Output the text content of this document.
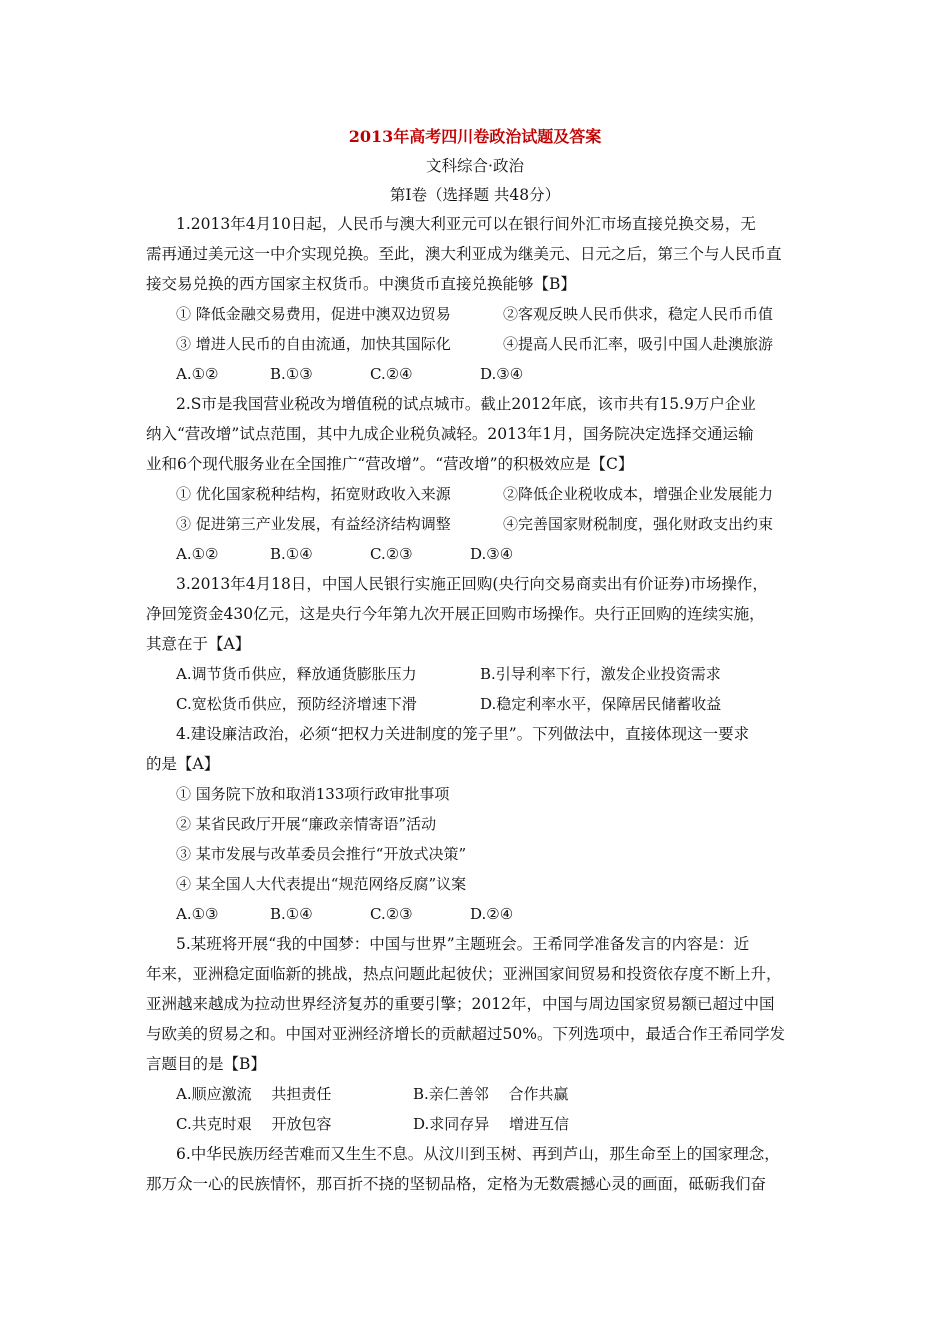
2013年高考四川卷政治试题及答案
文科综合·政治
第Ⅰ卷（选择题 共48分）
1.2013年4月10日起，人民币与澳大利亚元可以在银行间外汇市场直接兑换交易，无
需再通过美元这一中介实现兑换。至此，澳大利亚成为继美元、日元之后，第三个与人民币直
接交易兑换的西方国家主权货币。中澳货币直接兑换能够【B】
① 降低金融交易费用，促进中澳双边贸易	②客观反映人民币供求，稳定人民币币值
③ 增进人民币的自由流通，加快其国际化	④提高人民币汇率，吸引中国人赴澳旅游
A.①②	B.①③	C.②④	D.③④
2.S市是我国营业税改为增值税的试点城市。截止2012年底，该市共有15.9万户企业
纳入“营改增”试点范围，其中九成企业税负减轻。2013年1月，国务院决定选择交通运输
业和6个现代服务业在全国推广“营改增”。“营改增”的积极效应是【C】
① 优化国家税种结构，拓宽财政收入来源	②降低企业税收成本，增强企业发展能力
③ 促进第三产业发展，有益经济结构调整	④完善国家财税制度，强化财政支出约束
A.①②	B.①④	C.②③	D.③④
3.2013年4月18日，中国人民银行实施正回购(央行向交易商卖出有价证券)市场操作，
净回笼资金430亿元，这是央行今年第九次开展正回购市场操作。央行正回购的连续实施，
其意在于【A】
A.调节货币供应，释放通货膨胀压力	B.引导利率下行，激发企业投资需求
C.宽松货币供应，预防经济增速下滑	D.稳定利率水平，保障居民储蓄收益
4.建设廉洁政治，必须“把权力关进制度的笼子里”。下列做法中，直接体现这一要求
的是【A】
① 国务院下放和取消133项行政审批事项
② 某省民政厅开展“廉政亲情寄语”活动
③ 某市发展与改革委员会推行“开放式决策”
④ 某全国人大代表提出“规范网络反腐”议案
A.①③	B.①④	C.②③	D.②④
5.某班将开展“我的中国梦：中国与世界”主题班会。王希同学准备发言的内容是：近
年来，亚洲稳定面临新的挑战，热点问题此起彼伏；亚洲国家间贸易和投资依存度不断上升，
亚洲越来越成为拉动世界经济复苏的重要引擎；2012年，中国与周边国家贸易额已超过中国
与欧美的贸易之和。中国对亚洲经济增长的贡献超过50%。下列选项中，最适合作王希同学发
言题目的是【B】
A.顺应激流　 共担责任	B.亲仁善邻　 合作共赢
C.共克时艰　 开放包容	D.求同存异　 增进互信
6.中华民族历经苦难而又生生不息。从汶川到玉树、再到芦山，那生命至上的国家理念，
那万众一心的民族情怀，那百折不挠的坚韧品格，定格为无数震撼心灵的画面，砥砺我们奋
